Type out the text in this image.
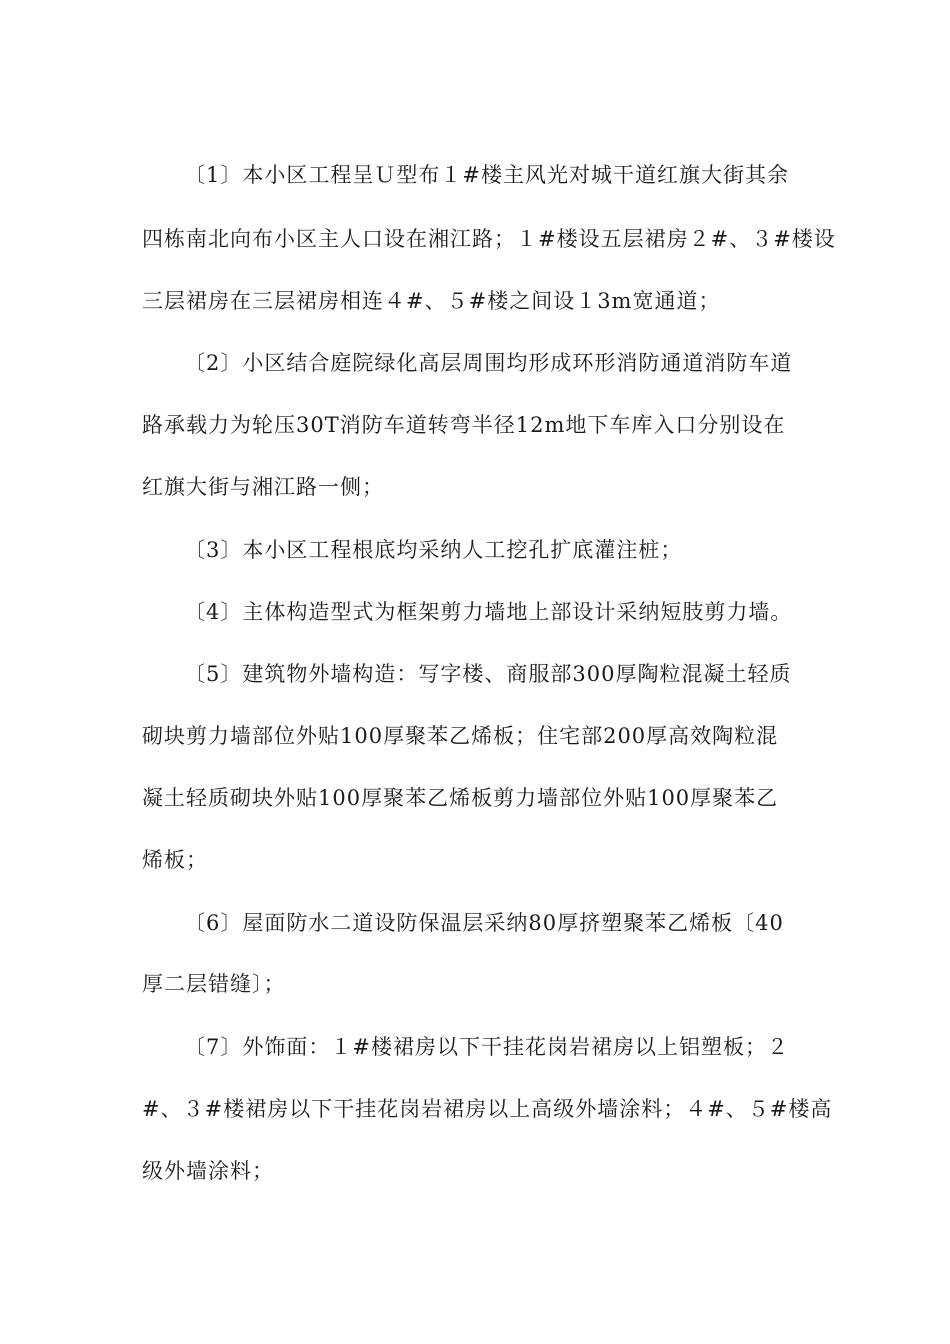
〔1〕本小区工程呈Ｕ型布１#楼主风光对城干道红旗大街其余
四栋南北向布小区主人口设在湘江路；１#楼设五层裙房２#、３#楼设
三层裙房在三层裙房相连４#、５#楼之间设１3m宽通道；
〔2〕小区结合庭院绿化高层周围均形成环形消防通道消防车道
路承载力为轮压30T消防车道转弯半径12m地下车库入口分别设在
红旗大街与湘江路一侧；
〔3〕本小区工程根底均采纳人工挖孔扩底灌注桩；
〔4〕主体构造型式为框架剪力墙地上部设计采纳短肢剪力墙。
〔5〕建筑物外墙构造：写字楼、商服部300厚陶粒混凝土轻质
砌块剪力墙部位外贴100厚聚苯乙烯板；住宅部200厚高效陶粒混
凝土轻质砌块外贴100厚聚苯乙烯板剪力墙部位外贴100厚聚苯乙
烯板；
〔6〕屋面防水二道设防保温层采纳80厚挤塑聚苯乙烯板〔40
厚二层错缝〕；
〔7〕外饰面：１#楼裙房以下干挂花岗岩裙房以上铝塑板；２
#、３#楼裙房以下干挂花岗岩裙房以上高级外墙涂料；４#、５#楼高
级外墙涂料；
